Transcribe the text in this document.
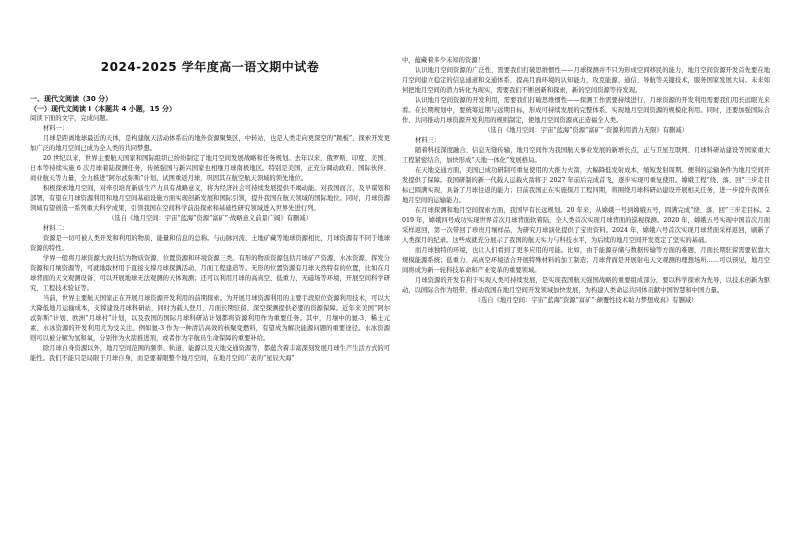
2024-2025 学年度高一语文期中试卷

一、现代文阅读（30 分）

（一）现代文阅读 I（本题共 4 小题，15 分）

阅读下面的文字，完成问题。

材料一：

月球是距离地球最近的天体，是构建航天活动体系后的地外资源聚集区，中转站，也是人类走向更深空的“跳板”，探索开发更加广泛的地月空间已成为全人类的共同梦想。

20 世纪以来，世界主要航天国家和国际组织已纷纷制定了地月空间发展战略和任务规划。去年以来，俄罗斯、印度、美国、日本等持续实施 6 次月球着陆探测任务，传统强国与新兴国家也相继月球南极地区。特别是美国，正充分调动政府、国际伙伴、商业航天等力量，全力推进“阿尔忒弥斯”计划，试图重返月球，巩固其在航空航天领域的领先地位。

积极探索地月空间，对牵引培育新质生产力具有战略意义，将为经济社会可持续发展提供不竭动能。对我国而言，及早谋划和部署，有望在月球资源利用和地月空间基础设施方面实现创新发展和国际引领，提升我国在航天领域的国际地位。同时，月球资源领域有望创造一系列重大科学成果，引领我国在空间科学前沿探索和基础性研究领域进入世界先进行列。

（选自《地月空间：宇宙“蓝海”资源“富矿”·战略意义前景广阔》有删减）

材料二：

资源是一切可被人类开发和利用的物质、能量和信息的总称。与山脉河流、土地矿藏等地球资源相比，月球资源有不同于地球资源的特性。

学界一般将月球资源大致归结为物质资源、位置资源和环境资源三类。有形的物质资源包括月球矿产资源、水冰资源、挥发分资源和月壤资源等，可就地取材用于直接支撑月球探测活动、月面工程建造等。无形的位置资源有月球天然特有的位置，比如在月球背面的天文观测设备，可以开展地球无法观测的天体观测；还可以利用月球的高真空、低重力、无磁场等环境，开展空间科学研究、工程技术验证等。

当前，世界主要航天国家正在开展月球资源开发利用的前期探索。为开展月球资源利用的主要手段原位资源利用技术，可以大大降低地月运输成本，支撑建设月球科研站，同时为载人登月、月面长期驻留、深空探测提供必要的资源保障。近年来美国“阿尔忒弥斯”计划、欧洲“月球村”计划，以及我国的国际月球科研站计划都将资源利用作为重要任务。其中，月壤中的氦-3、稀土元素、水冰资源的开发利用尤为受关注。例如氦-3 作为一种清洁高效的核聚变燃料，有望成为解决能源问题的重要途径。水冰资源则可以被分解为氢和氧，分别作为火箭推进剂，或者作为宇航员生命保障的重要补给。

除月球自身资源以外，地月空间范围的频率、轨道、能源以及天地交通资源等，都蕴含着丰富深刻发展月球生产生活方式的可能性。我们不能只是局限于月球自身，而是要着眼整个地月空间，在地月空间广袤的“星辰大海”

中，蕴藏着多少未知的资源！

认识地月空间资源的广泛性，需要我们打破思维惯性——月球探测并不只为形成空间移民的能力，地月空间资源开发首先要在地月空间建立稳定的信息通道和交通体系，提高月面环境的认知能力，攻克能源、通信、导航等关键技术，服务国家发展大局。未来如何把地月空间的潜力转化为现实，需要我们不断创新和探索，新的空间资源等待发现。

认识地月空间资源的开发利用，需要我们打破思维惯性——探测工作需要持续进行，月球资源的开发利用需要我们用长远眼光来看。在长期规划中，要统筹近期与远期目标，形成可持续发展的完整体系，实现地月空间资源的规模化利用。同时，还要加强国际合作，共同推动月球资源开发利用的规则制定，使地月空间资源真正造福全人类。

（选自《地月空间：宇宙“蓝海”资源“富矿”·资源利用潜力无限》有删减）

材料三：

随着科技深度融合、信息无缝传输，地月空间作为我国航天事业发展的新增长点，正与卫星互联网、月球科研站建设等国家重大工程紧密结合，加快形成“天地一体化”发展格局。

在天地交通方面，美国已成功研制可重复使用的大推力火箭，大幅降低发射成本，缩短发射周期。便利的运输条件为地月空间开发提供了保障。我国研制的新一代载人运载火箭将于 2027 年前后完成首飞，逐步实现可重复使用。嫦娥工程“绕、落、回”三步走目标已圆满实现，具备了月球往返的能力；目前我国正在实施探月工程四期，将围绕月球科研站建设开展相关任务，进一步提升我国在地月空间的运输能力。

在月球探测和地月空间探索方面，我国早有长远规划。20 年来，从嫦娥一号到嫦娥五号，圆满完成“绕、落、回”三步走目标。2019 年，嫦娥四号成功实现世界首次月球背面软着陆，全人类首次实现月球背面的巡视探测。2020 年，嫦娥五号实现中国首次月面采样返回，第一次带回了珍贵月壤样品，为研究月球演化提供了宝贵资料。2024 年，嫦娥六号首次实现月球背面采样返回，刷新了人类探月的纪录。这些成就充分展示了我国的航天实力与科技水平，为后续的地月空间开发奠定了坚实的基础。

而月球独特的环境，也让人们看到了更多应用的可能。比如，由于能源存储与数据传输等方面的难题，月面长期驻留需要依靠大规模能源系统；低重力、高真空环境适合开展特殊材料的加工制造；月球背面是开展射电天文观测的理想场所……可以预见，地月空间将成为新一轮科技革命和产业变革的重要领域。

月球资源的开发有利于实现人类可持续发展，是实现我国航天强国战略的重要组成部分，要以科学探索为先导，以技术创新为驱动，以国际合作为纽带，推动我国在地月空间开发领域加快发展，为构建人类命运共同体贡献中国智慧和中国力量。

（选自《地月空间：宇宙“蓝海”资源“富矿”·颠覆性技术助力梦想成真》有删减）
